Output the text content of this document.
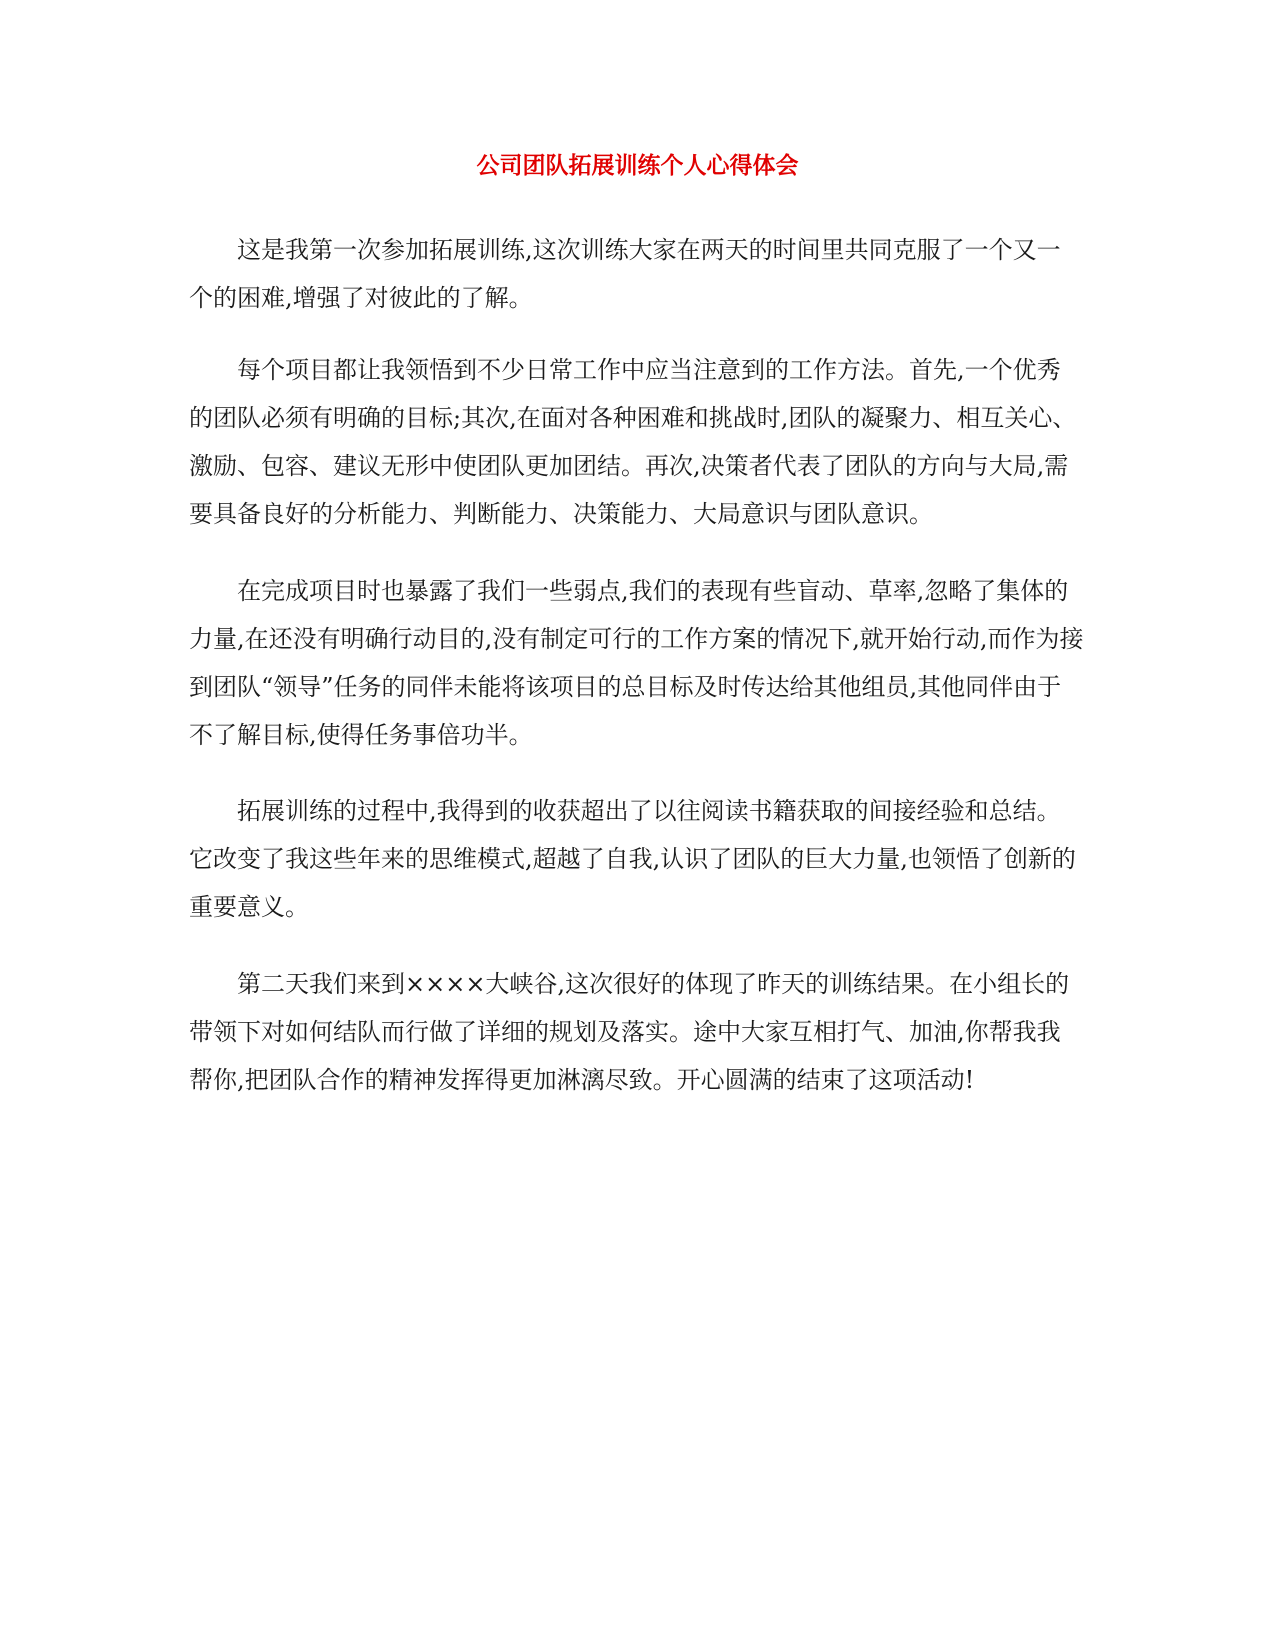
公司团队拓展训练个人心得体会

这是我第一次参加拓展训练,这次训练大家在两天的时间里共同克服了一个又一个的困难,增强了对彼此的了解。

每个项目都让我领悟到不少日常工作中应当注意到的工作方法。首先,一个优秀的团队必须有明确的目标;其次,在面对各种困难和挑战时,团队的凝聚力、相互关心、激励、包容、建议无形中使团队更加团结。再次,决策者代表了团队的方向与大局,需要具备良好的分析能力、判断能力、决策能力、大局意识与团队意识。

在完成项目时也暴露了我们一些弱点,我们的表现有些盲动、草率,忽略了集体的力量,在还没有明确行动目的,没有制定可行的工作方案的情况下,就开始行动,而作为接到团队“领导”任务的同伴未能将该项目的总目标及时传达给其他组员,其他同伴由于不了解目标,使得任务事倍功半。

拓展训练的过程中,我得到的收获超出了以往阅读书籍获取的间接经验和总结。它改变了我这些年来的思维模式,超越了自我,认识了团队的巨大力量,也领悟了创新的重要意义。

第二天我们来到××××大峡谷,这次很好的体现了昨天的训练结果。在小组长的带领下对如何结队而行做了详细的规划及落实。途中大家互相打气、加油,你帮我我帮你,把团队合作的精神发挥得更加淋漓尽致。开心圆满的结束了这项活动!
